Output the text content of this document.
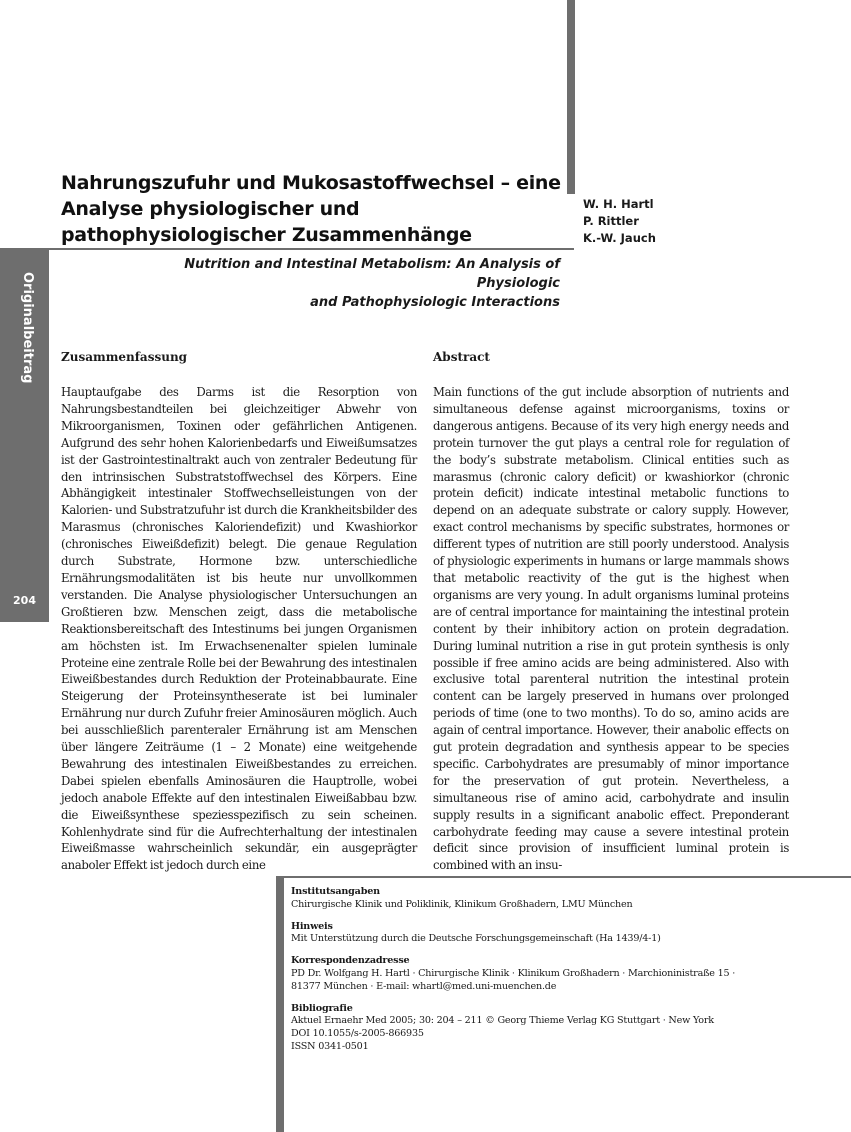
Originalbeitrag
204
Nahrungszufuhr und Mukosastoffwechsel – eine Analyse physiologischer und pathophysiologischer Zusammenhänge
W. H. Hartl
P. Rittler
K.-W. Jauch
Nutrition and Intestinal Metabolism: An Analysis of Physiologic
and Pathophysiologic Interactions
Zusammenfassung

Hauptaufgabe des Darms ist die Resorption von Nahrungsbestandteilen bei gleichzeitiger Abwehr von Mikroorganismen, Toxinen oder gefährlichen Antigenen. Aufgrund des sehr hohen Kalorienbedarfs und Eiweißumsatzes ist der Gastrointestinaltrakt auch von zentraler Bedeutung für den intrinsischen Substratstoffwechsel des Körpers. Eine Abhängigkeit intestinaler Stoffwechselleistungen von der Kalorien- und Substratzufuhr ist durch die Krankheitsbilder des Marasmus (chronisches Kaloriendefizit) und Kwashiorkor (chronisches Eiweißdefizit) belegt. Die genaue Regulation durch Substrate, Hormone bzw. unterschiedliche Ernährungsmodalitäten ist bis heute nur unvollkommen verstanden. Die Analyse physiologischer Untersuchungen an Großtieren bzw. Menschen zeigt, dass die metabolische Reaktionsbereitschaft des Intestinums bei jungen Organismen am höchsten ist. Im Erwachsenenalter spielen luminale Proteine eine zentrale Rolle bei der Bewahrung des intestinalen Eiweißbestandes durch Reduktion der Proteinabbaurate. Eine Steigerung der Proteinsyntheserate ist bei luminaler Ernährung nur durch Zufuhr freier Aminosäuren möglich. Auch bei ausschließlich parenteraler Ernährung ist am Menschen über längere Zeiträume (1 – 2 Monate) eine weitgehende Bewahrung des intestinalen Eiweißbestandes zu erreichen. Dabei spielen ebenfalls Aminosäuren die Hauptrolle, wobei jedoch anabole Effekte auf den intestinalen Eiweißabbau bzw. die Eiweißsynthese speziesspezifisch zu sein scheinen. Kohlenhydrate sind für die Aufrechterhaltung der intestinalen Eiweißmasse wahrscheinlich sekundär, ein ausgeprägter anaboler Effekt ist jedoch durch eine

Abstract

Main functions of the gut include absorption of nutrients and simultaneous defense against microorganisms, toxins or dangerous antigens. Because of its very high energy needs and protein turnover the gut plays a central role for regulation of the body’s substrate metabolism. Clinical entities such as marasmus (chronic calory deficit) or kwashiorkor (chronic protein deficit) indicate intestinal metabolic functions to depend on an adequate substrate or calory supply. However, exact control mechanisms by specific substrates, hormones or different types of nutrition are still poorly understood. Analysis of physiologic experiments in humans or large mammals shows that metabolic reactivity of the gut is the highest when organisms are very young. In adult organisms luminal proteins are of central importance for maintaining the intestinal protein content by their inhibitory action on protein degradation. During luminal nutrition a rise in gut protein synthesis is only possible if free amino acids are being administered. Also with exclusive total parenteral nutrition the intestinal protein content can be largely preserved in humans over prolonged periods of time (one to two months). To do so, amino acids are again of central importance. However, their anabolic effects on gut protein degradation and synthesis appear to be species specific. Carbohydrates are presumably of minor importance for the preservation of gut protein. Nevertheless, a simultaneous rise of amino acid, carbohydrate and insulin supply results in a significant anabolic effect. Preponderant carbohydrate feeding may cause a severe intestinal protein deficit since provision of insufficient luminal protein is combined with an insu-

Institutsangaben
Chirurgische Klinik und Poliklinik, Klinikum Großhadern, LMU München
Hinweis
Mit Unterstützung durch die Deutsche Forschungsgemeinschaft (Ha 1439/4-1)
Korrespondenzadresse
PD Dr. Wolfgang H. Hartl · Chirurgische Klinik · Klinikum Großhadern · Marchioninistraße 15 ·
81377 München · E-mail: whartl@med.uni-muenchen.de
Bibliografie
Aktuel Ernaehr Med 2005; 30: 204 – 211 © Georg Thieme Verlag KG Stuttgart · New York
DOI 10.1055/s-2005-866935
ISSN 0341-0501
